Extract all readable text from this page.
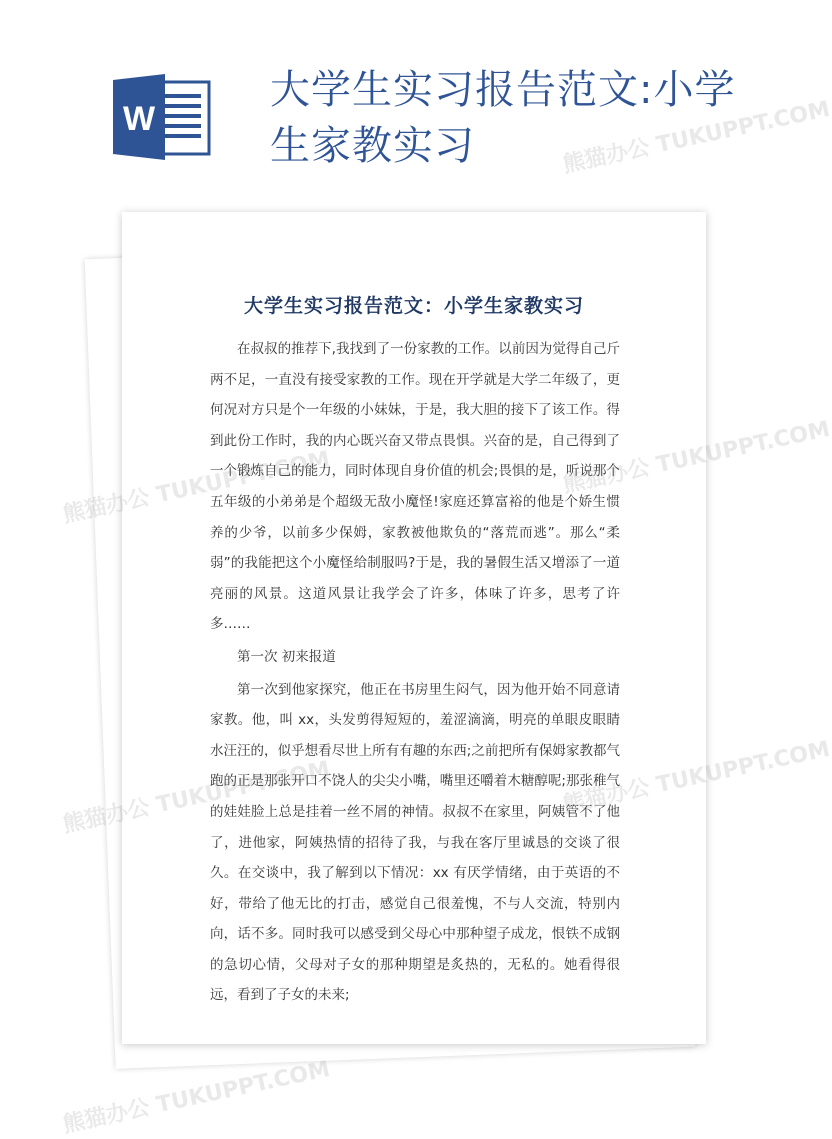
W
大学生实习报告范文:小学生家教实习
大学生实习报告范文：小学生家教实习

在叔叔的推荐下,我找到了一份家教的工作。以前因为觉得自己斤两不足，一直没有接受家教的工作。现在开学就是大学二年级了，更何况对方只是个一年级的小妹妹，于是，我大胆的接下了该工作。得到此份工作时，我的内心既兴奋又带点畏惧。兴奋的是，自己得到了一个锻炼自己的能力，同时体现自身价值的机会;畏惧的是，听说那个五年级的小弟弟是个超级无敌小魔怪!家庭还算富裕的他是个娇生惯养的少爷，以前多少保姆，家教被他欺负的“落荒而逃”。那么“柔弱”的我能把这个小魔怪给制服吗?于是，我的暑假生活又增添了一道亮丽的风景。这道风景让我学会了许多，体味了许多，思考了许多……

第一次 初来报道

第一次到他家探究，他正在书房里生闷气，因为他开始不同意请家教。他，叫 xx，头发剪得短短的，羞涩滴滴，明亮的单眼皮眼睛水汪汪的，似乎想看尽世上所有有趣的东西;之前把所有保姆家教都气跑的正是那张开口不饶人的尖尖小嘴，嘴里还嚼着木糖醇呢;那张稚气的娃娃脸上总是挂着一丝不屑的神情。叔叔不在家里，阿姨管不了他了，进他家，阿姨热情的招待了我，与我在客厅里诚恳的交谈了很久。在交谈中，我了解到以下情况：xx 有厌学情绪，由于英语的不好，带给了他无比的打击，感觉自己很羞愧，不与人交流，特别内向，话不多。同时我可以感受到父母心中那种望子成龙，恨铁不成钢的急切心情，父母对子女的那种期望是炙热的，无私的。她看得很远，看到了子女的未来;

熊猫办公 TUKUPPT.COM
TUKUPPT.COM
TUKUPPT.COM
熊猫办公 TUKUPPT.COM
